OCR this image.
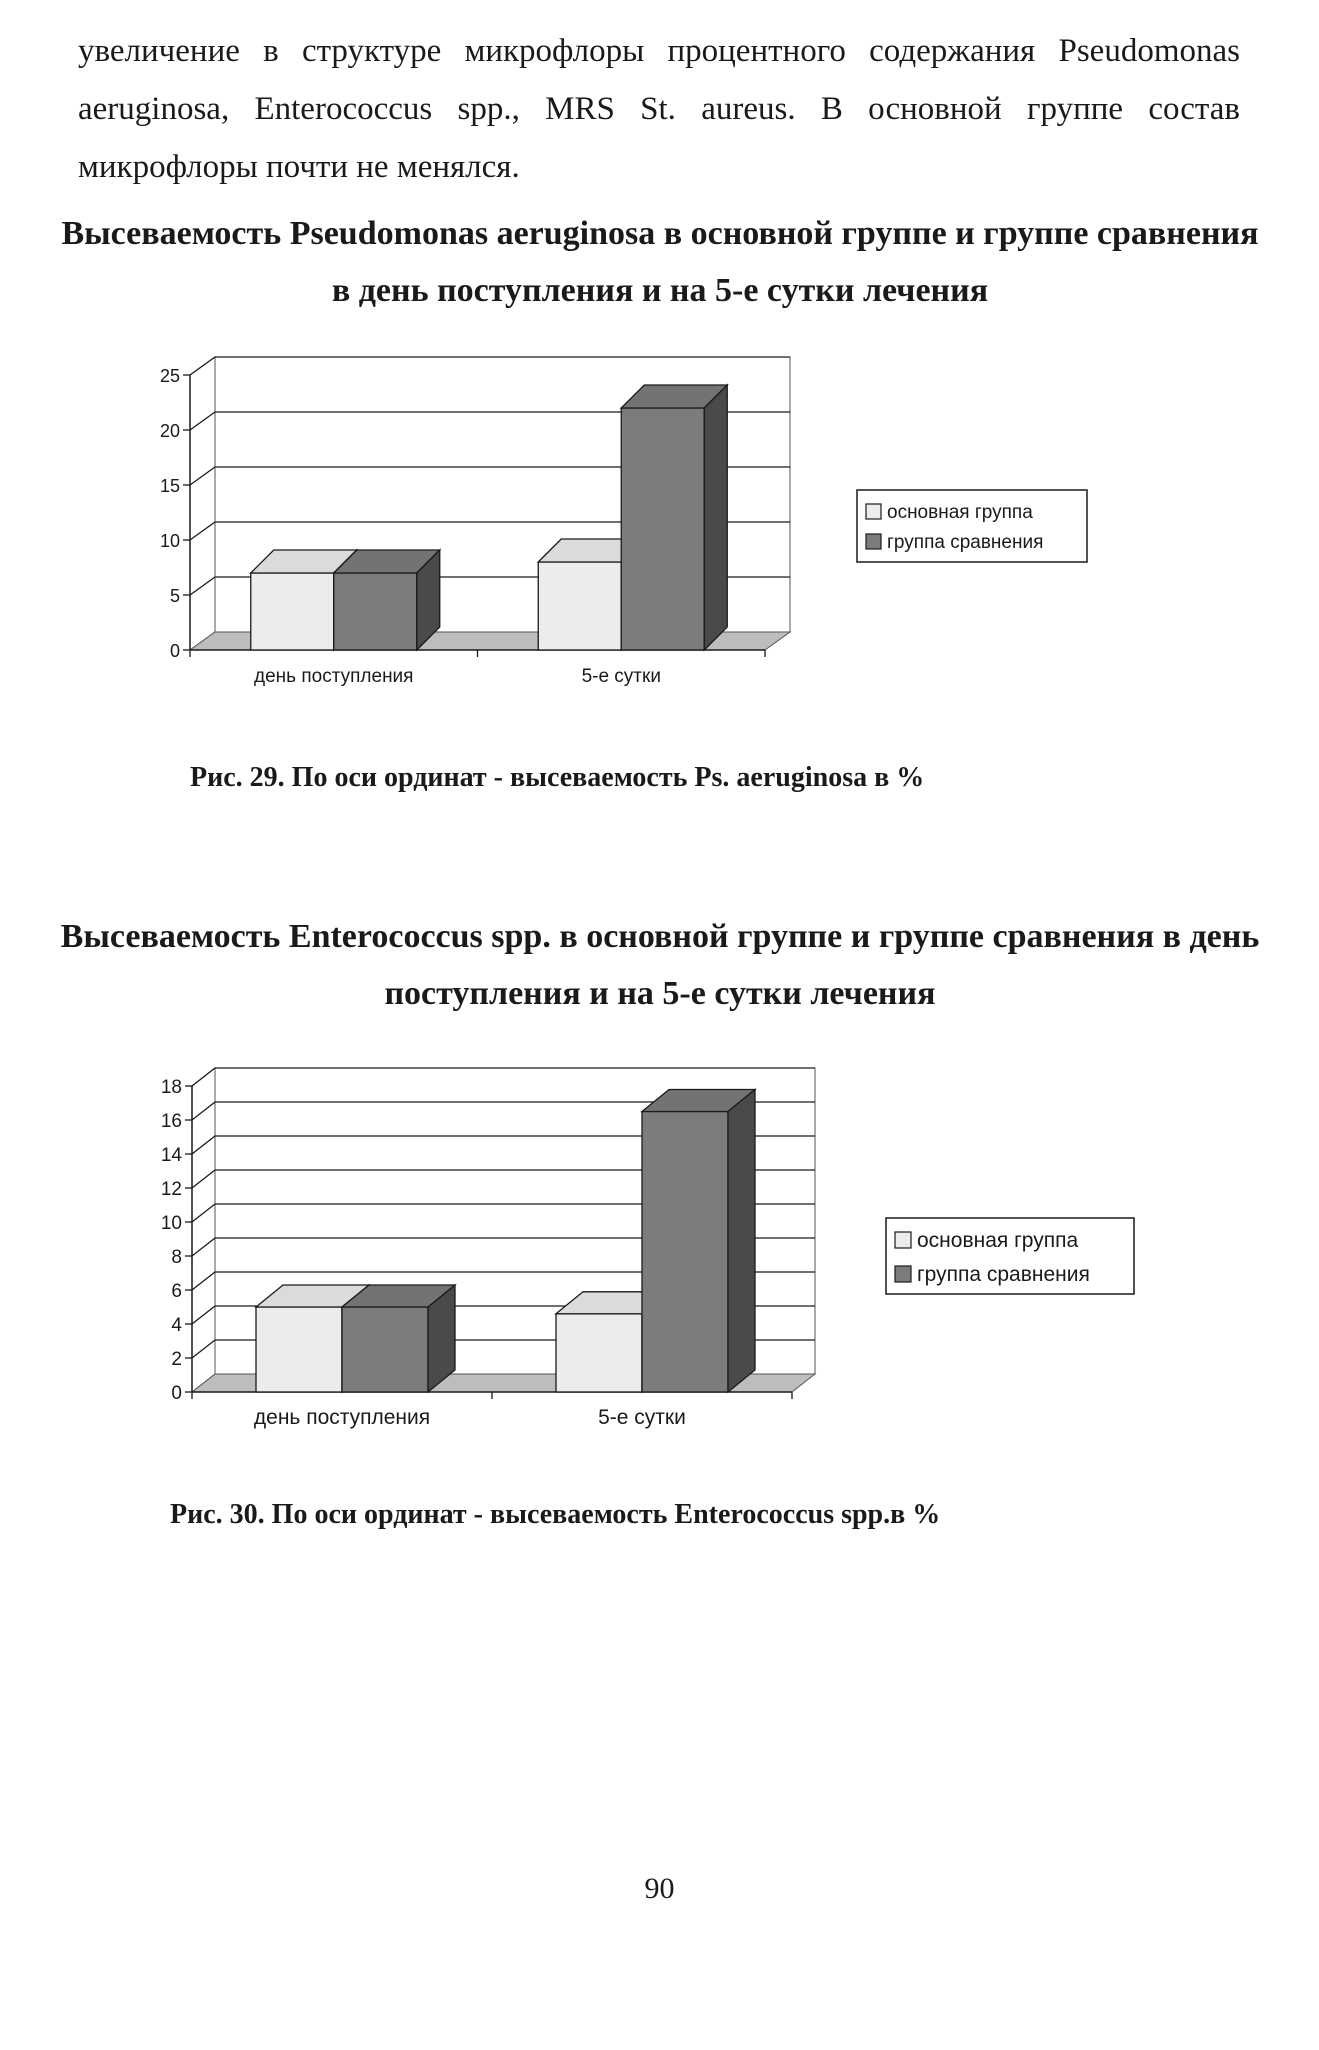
увеличение в структуре микрофлоры процентного содержания Pseudomonas aeruginosa, Enterococcus spp., MRS St. aureus. В основной группе состав микрофлоры почти не менялся.

Высеваемость Pseudomonas aeruginosa в основной группе и группе сравнения в день поступления и на 5-е сутки лечения
0
5
10
15
20
25
день поступления	5-е сутки
основная группа
группа сравнения

Рис. 29. По оси ординат - высеваемость Ps. aeruginosa в %

Высеваемость Enterococcus spp. в основной группе и группе сравнения в день поступления и на 5-е сутки лечения
0
2
4
6
8
10
12
14
16
18
день поступления	5-е сутки
основная группа
группа сравнения

Рис. 30. По оси ординат - высеваемость Enterococcus spp.в %

90
